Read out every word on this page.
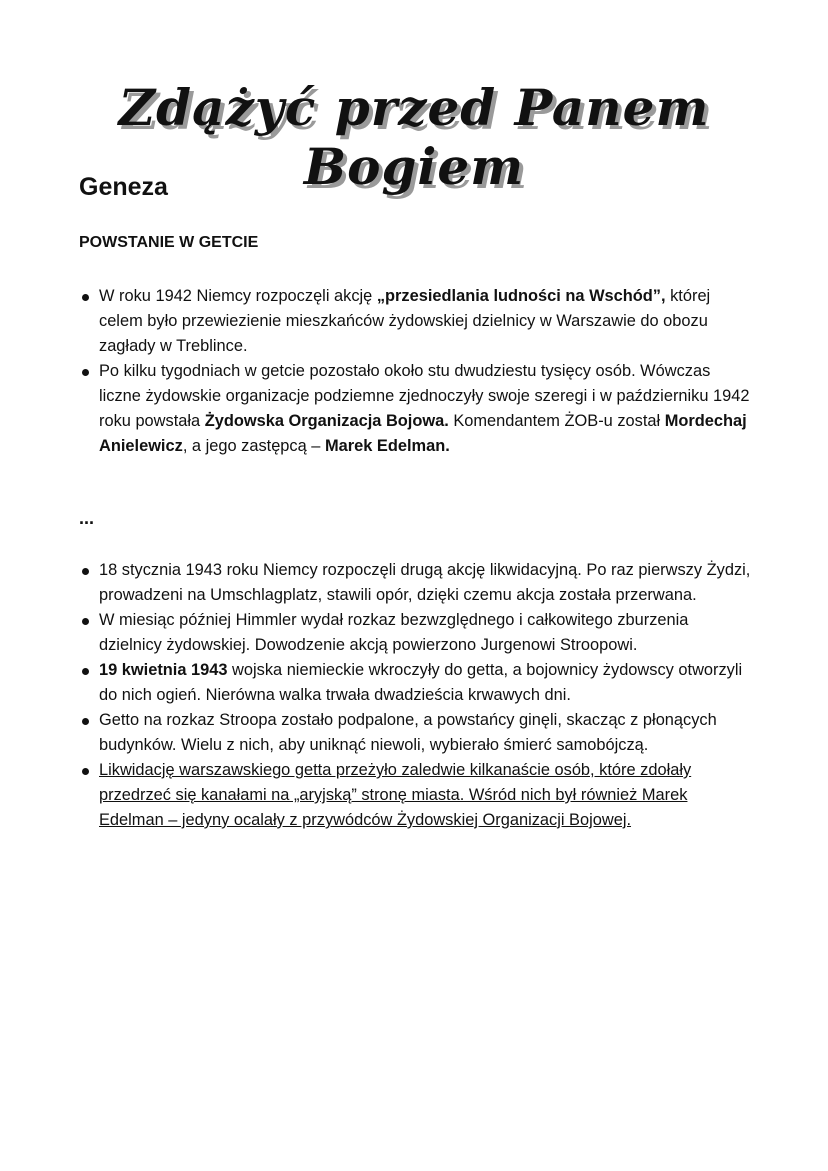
Zdążyć przed Panem Bogiem
Geneza
POWSTANIE W GETCIE
W roku 1942 Niemcy rozpoczęli akcję „przesiedlania ludności na Wschód”, której celem było przewiezienie mieszkańców żydowskiej dzielnicy w Warszawie do obozu zagłady w Treblince.
Po kilku tygodniach w getcie pozostało około stu dwudziestu tysięcy osób. Wówczas liczne żydowskie organizacje podziemne zjednoczyły swoje szeregi i w październiku 1942 roku powstała Żydowska Organizacja Bojowa. Komendantem ŻOB-u został Mordechaj Anielewicz, a jego zastępcą – Marek Edelman.
...
18 stycznia 1943 roku Niemcy rozpoczęli drugą akcję likwidacyjną. Po raz pierwszy Żydzi, prowadzeni na Umschlagplatz, stawili opór, dzięki czemu akcja została przerwana.
W miesiąc później Himmler wydał rozkaz bezwzględnego i całkowitego zburzenia dzielnicy żydowskiej. Dowodzenie akcją powierzono Jurgenowi Stroopowi.
19 kwietnia 1943 wojska niemieckie wkroczyły do getta, a bojownicy żydowscy otworzyli do nich ogień. Nierówna walka trwała dwadzieścia krwawych dni.
Getto na rozkaz Stroopa zostało podpalone, a powstańcy ginęli, skacząc z płonących budynków. Wielu z nich, aby uniknąć niewoli, wybierało śmierć samobójczą.
Likwidację warszawskiego getta przeżyło zaledwie kilkanaście osób, które zdołały przedrzeć się kanałami na „aryjską” stronę miasta. Wśród nich był również Marek Edelman – jedyny ocalały z przywódców Żydowskiej Organizacji Bojowej.
